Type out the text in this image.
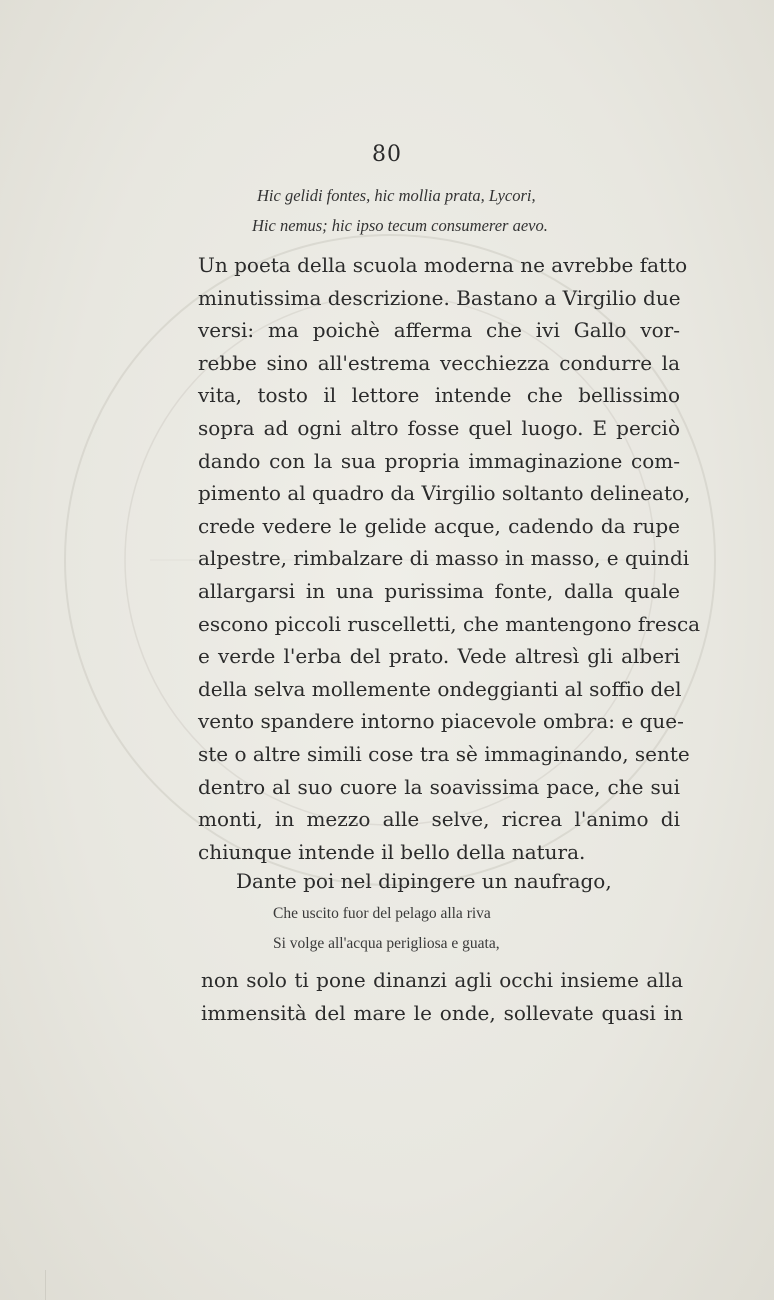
80
Hic gelidi fontes, hic mollia prata, Lycori,
Hic nemus; hic ipso tecum consumerer aevo.
Un poeta della scuola moderna ne avrebbe fatto
minutissima descrizione. Bastano a Virgilio due
versi: ma poichè afferma che ivi Gallo vor-
rebbe sino all'estrema vecchiezza condurre la
vita, tosto il lettore intende che bellissimo
sopra ad ogni altro fosse quel luogo. E perciò
dando con la sua propria immaginazione com-
pimento al quadro da Virgilio soltanto delineato,
crede vedere le gelide acque, cadendo da rupe
alpestre, rimbalzare di masso in masso, e quindi
allargarsi in una purissima fonte, dalla quale
escono piccoli ruscelletti, che mantengono fresca
e verde l'erba del prato. Vede altresì gli alberi
della selva mollemente ondeggianti al soffio del
vento spandere intorno piacevole ombra: e que-
ste o altre simili cose tra sè immaginando, sente
dentro al suo cuore la soavissima pace, che sui
monti, in mezzo alle selve, ricrea l'animo di
chiunque intende il bello della natura.
Dante poi nel dipingere un naufrago,
Che uscito fuor del pelago alla riva
Si volge all'acqua perigliosa e guata,
non solo ti pone dinanzi agli occhi insieme alla
immensità del mare le onde, sollevate quasi in
